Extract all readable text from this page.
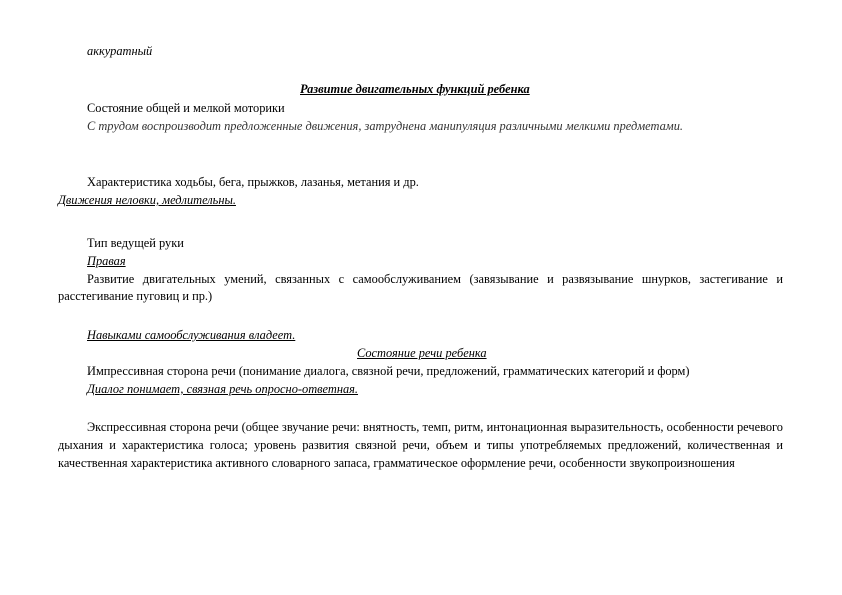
аккуратный
Развитие двигательных функций ребенка
Состояние общей и мелкой моторики
С трудом воспроизводит предложенные движения, затруднена манипуляция различными мелкими предметами.
Характеристика ходьбы, бега, прыжков, лазанья, метания и др.
Движения неловки, медлительны.
Тип ведущей руки
Правая
Развитие двигательных умений, связанных с самообслуживанием (завязывание и развязывание шнурков, застегивание и расстегивание пуговиц и пр.)
Навыками самообслуживания владеет.
Состояние речи ребенка
Импрессивная сторона речи (понимание диалога, связной речи, предложений, грамматических категорий и форм)
Диалог понимает, связная речь опросно-ответная.
Экспрессивная сторона речи (общее звучание речи: внятность, темп, ритм, интонационная выразительность, особенности речевого дыхания и характеристика голоса; уровень развития связной речи, объем и типы употребляемых предложений, количественная и качественная характеристика активного словарного запаса, грамматическое оформление речи, особенности звукопроизношения
